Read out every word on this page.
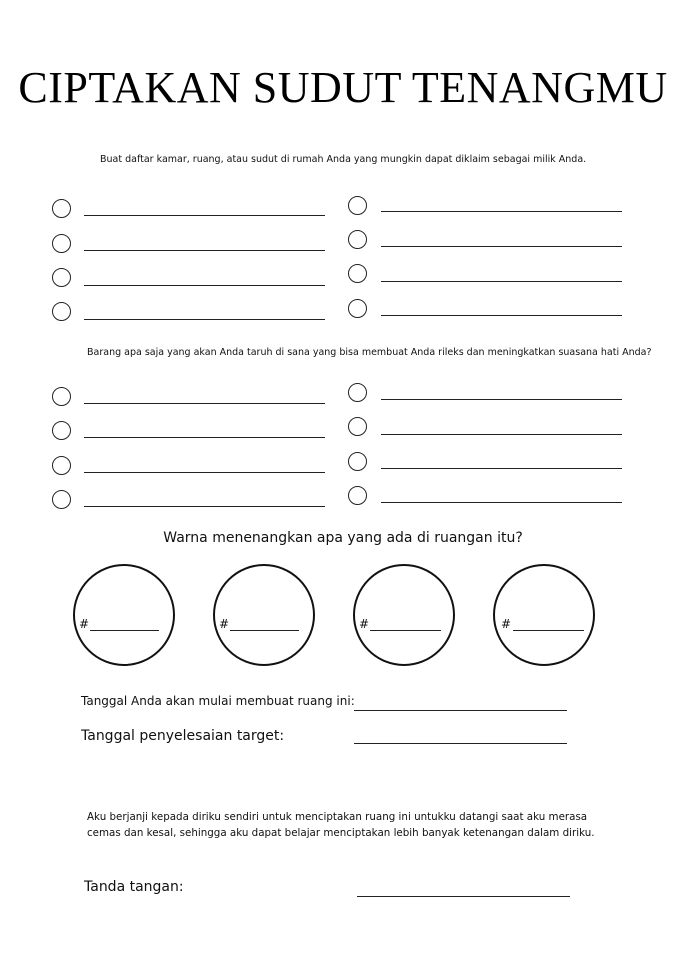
CIPTAKAN SUDUT TENANGMU
Buat daftar kamar, ruang, atau sudut di rumah Anda yang mungkin dapat diklaim sebagai milik Anda.
Barang apa saja yang akan Anda taruh di sana yang bisa membuat Anda rileks dan meningkatkan suasana hati Anda?
Warna menenangkan apa yang ada di ruangan itu?
#	#	#	#
Tanggal Anda akan mulai membuat ruang ini:
Tanggal penyelesaian target:
Aku berjanji kepada diriku sendiri untuk menciptakan ruang ini untukku datangi saat aku merasa
cemas dan kesal, sehingga aku dapat belajar menciptakan lebih banyak ketenangan dalam diriku.
Tanda tangan:
